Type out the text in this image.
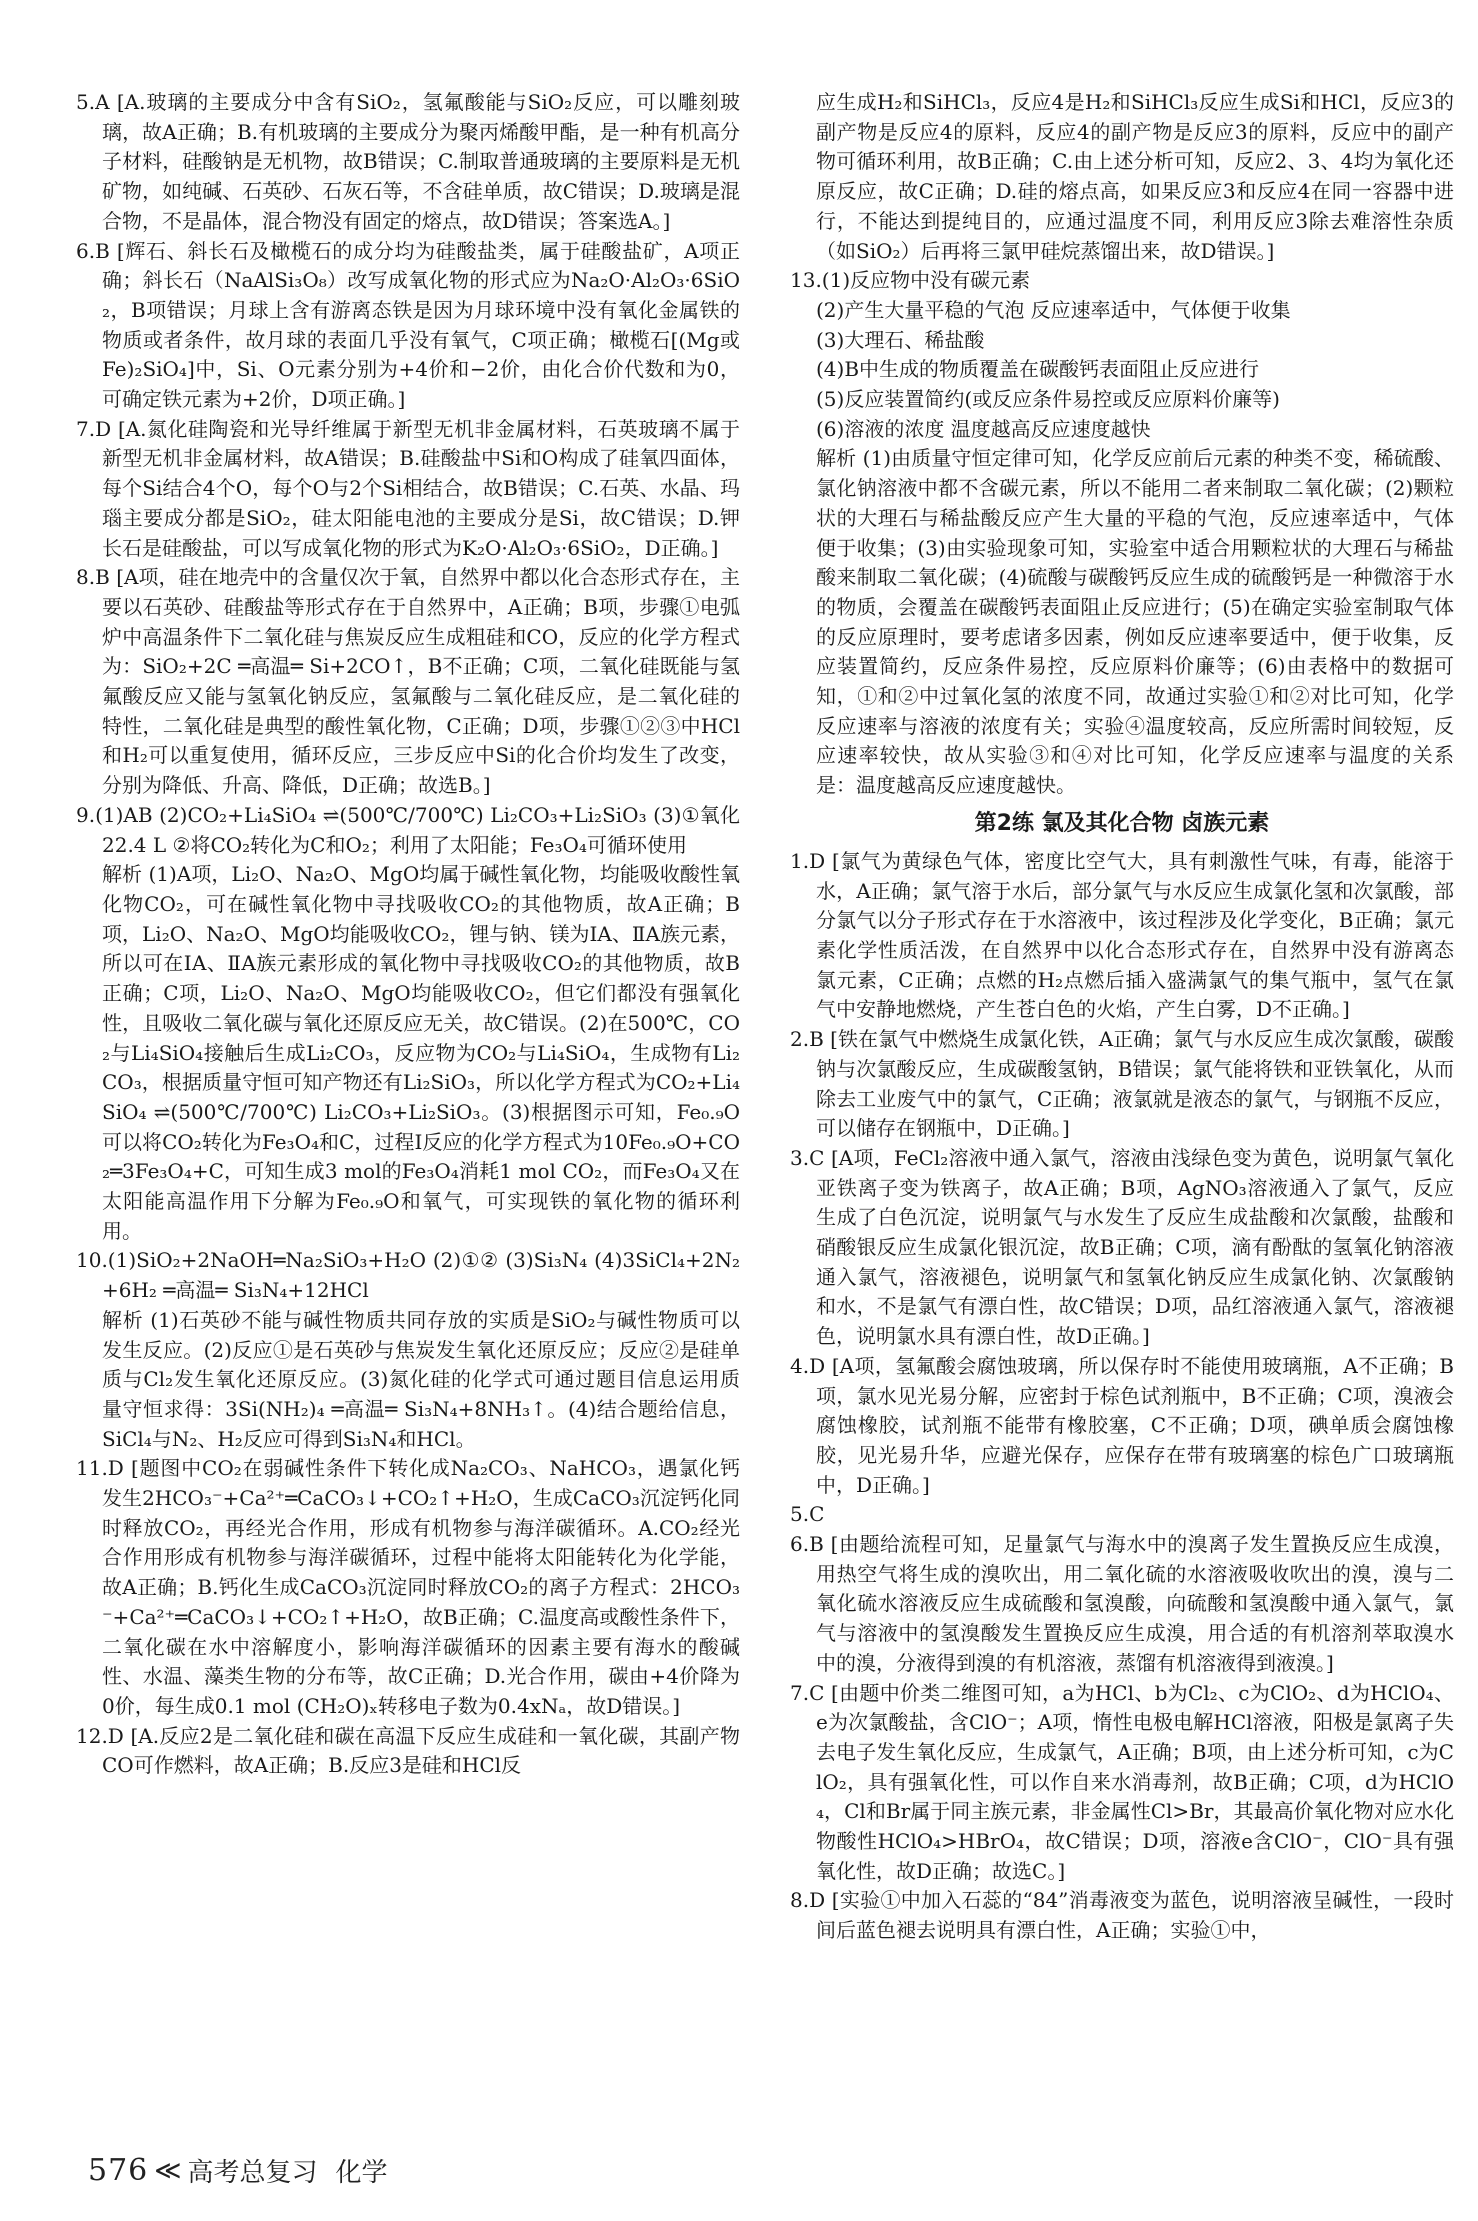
5.A [A.玻璃的主要成分中含有SiO₂，氢氟酸能与SiO₂反应，可以雕刻玻璃，故A正确；B.有机玻璃的主要成分为聚丙烯酸甲酯，是一种有机高分子材料，硅酸钠是无机物，故B错误；C.制取普通玻璃的主要原料是无机矿物，如纯碱、石英砂、石灰石等，不含硅单质，故C错误；D.玻璃是混合物，不是晶体，混合物没有固定的熔点，故D错误；答案选A。]

6.B [辉石、斜长石及橄榄石的成分均为硅酸盐类，属于硅酸盐矿，A项正确；斜长石（NaAlSi₃O₈）改写成氧化物的形式应为Na₂O·Al₂O₃·6SiO₂，B项错误；月球上含有游离态铁是因为月球环境中没有氧化金属铁的物质或者条件，故月球的表面几乎没有氧气，C项正确；橄榄石[(Mg或Fe)₂SiO₄]中，Si、O元素分别为+4价和−2价，由化合价代数和为0，可确定铁元素为+2价，D项正确。]

7.D [A.氮化硅陶瓷和光导纤维属于新型无机非金属材料，石英玻璃不属于新型无机非金属材料，故A错误；B.硅酸盐中Si和O构成了硅氧四面体，每个Si结合4个O，每个O与2个Si相结合，故B错误；C.石英、水晶、玛瑙主要成分都是SiO₂，硅太阳能电池的主要成分是Si，故C错误；D.钾长石是硅酸盐，可以写成氧化物的形式为K₂O·Al₂O₃·6SiO₂，D正确。]

8.B [A项，硅在地壳中的含量仅次于氧，自然界中都以化合态形式存在，主要以石英砂、硅酸盐等形式存在于自然界中，A正确；B项，步骤①电弧炉中高温条件下二氧化硅与焦炭反应生成粗硅和CO，反应的化学方程式为：SiO₂+2C ═高温═ Si+2CO↑，B不正确；C项，二氧化硅既能与氢氟酸反应又能与氢氧化钠反应，氢氟酸与二氧化硅反应，是二氧化硅的特性，二氧化硅是典型的酸性氧化物，C正确；D项，步骤①②③中HCl和H₂可以重复使用，循环反应，三步反应中Si的化合价均发生了改变，分别为降低、升高、降低，D正确；故选B。]

9.(1)AB (2)CO₂+Li₄SiO₄ ⇌(500℃/700℃) Li₂CO₃+Li₂SiO₃ (3)①氧化 22.4 L ②将CO₂转化为C和O₂；利用了太阳能；Fe₃O₄可循环使用

解析 (1)A项，Li₂O、Na₂O、MgO均属于碱性氧化物，均能吸收酸性氧化物CO₂，可在碱性氧化物中寻找吸收CO₂的其他物质，故A正确；B项，Li₂O、Na₂O、MgO均能吸收CO₂，锂与钠、镁为ⅠA、ⅡA族元素，所以可在ⅠA、ⅡA族元素形成的氧化物中寻找吸收CO₂的其他物质，故B正确；C项，Li₂O、Na₂O、MgO均能吸收CO₂，但它们都没有强氧化性，且吸收二氧化碳与氧化还原反应无关，故C错误。(2)在500℃，CO₂与Li₄SiO₄接触后生成Li₂CO₃，反应物为CO₂与Li₄SiO₄，生成物有Li₂CO₃，根据质量守恒可知产物还有Li₂SiO₃，所以化学方程式为CO₂+Li₄SiO₄ ⇌(500℃/700℃) Li₂CO₃+Li₂SiO₃。(3)根据图示可知，Fe₀.₉O可以将CO₂转化为Fe₃O₄和C，过程Ⅰ反应的化学方程式为10Fe₀.₉O+CO₂═3Fe₃O₄+C，可知生成3 mol的Fe₃O₄消耗1 mol CO₂，而Fe₃O₄又在太阳能高温作用下分解为Fe₀.₉O和氧气，可实现铁的氧化物的循环利用。

10.(1)SiO₂+2NaOH═Na₂SiO₃+H₂O (2)①② (3)Si₃N₄ (4)3SiCl₄+2N₂+6H₂ ═高温═ Si₃N₄+12HCl

解析 (1)石英砂不能与碱性物质共同存放的实质是SiO₂与碱性物质可以发生反应。(2)反应①是石英砂与焦炭发生氧化还原反应；反应②是硅单质与Cl₂发生氧化还原反应。(3)氮化硅的化学式可通过题目信息运用质量守恒求得：3Si(NH₂)₄ ═高温═ Si₃N₄+8NH₃↑。(4)结合题给信息，SiCl₄与N₂、H₂反应可得到Si₃N₄和HCl。

11.D [题图中CO₂在弱碱性条件下转化成Na₂CO₃、NaHCO₃，遇氯化钙发生2HCO₃⁻+Ca²⁺═CaCO₃↓+CO₂↑+H₂O，生成CaCO₃沉淀钙化同时释放CO₂，再经光合作用，形成有机物参与海洋碳循环。A.CO₂经光合作用形成有机物参与海洋碳循环，过程中能将太阳能转化为化学能，故A正确；B.钙化生成CaCO₃沉淀同时释放CO₂的离子方程式：2HCO₃⁻+Ca²⁺═CaCO₃↓+CO₂↑+H₂O，故B正确；C.温度高或酸性条件下，二氧化碳在水中溶解度小，影响海洋碳循环的因素主要有海水的酸碱性、水温、藻类生物的分布等，故C正确；D.光合作用，碳由+4价降为0价，每生成0.1 mol (CH₂O)ₓ转移电子数为0.4xNₐ，故D错误。]

12.D [A.反应2是二氧化硅和碳在高温下反应生成硅和一氧化碳，其副产物CO可作燃料，故A正确；B.反应3是硅和HCl反

应生成H₂和SiHCl₃，反应4是H₂和SiHCl₃反应生成Si和HCl，反应3的副产物是反应4的原料，反应4的副产物是反应3的原料，反应中的副产物可循环利用，故B正确；C.由上述分析可知，反应2、3、4均为氧化还原反应，故C正确；D.硅的熔点高，如果反应3和反应4在同一容器中进行，不能达到提纯目的，应通过温度不同，利用反应3除去难溶性杂质（如SiO₂）后再将三氯甲硅烷蒸馏出来，故D错误。]

13.(1)反应物中没有碳元素

(2)产生大量平稳的气泡 反应速率适中，气体便于收集

(3)大理石、稀盐酸

(4)B中生成的物质覆盖在碳酸钙表面阻止反应进行

(5)反应装置简约(或反应条件易控或反应原料价廉等)

(6)溶液的浓度 温度越高反应速度越快

解析 (1)由质量守恒定律可知，化学反应前后元素的种类不变，稀硫酸、氯化钠溶液中都不含碳元素，所以不能用二者来制取二氧化碳；(2)颗粒状的大理石与稀盐酸反应产生大量的平稳的气泡，反应速率适中，气体便于收集；(3)由实验现象可知，实验室中适合用颗粒状的大理石与稀盐酸来制取二氧化碳；(4)硫酸与碳酸钙反应生成的硫酸钙是一种微溶于水的物质，会覆盖在碳酸钙表面阻止反应进行；(5)在确定实验室制取气体的反应原理时，要考虑诸多因素，例如反应速率要适中，便于收集，反应装置简约，反应条件易控，反应原料价廉等；(6)由表格中的数据可知，①和②中过氧化氢的浓度不同，故通过实验①和②对比可知，化学反应速率与溶液的浓度有关；实验④温度较高，反应所需时间较短，反应速率较快，故从实验③和④对比可知，化学反应速率与温度的关系是：温度越高反应速度越快。

第2练 氯及其化合物 卤族元素

1.D [氯气为黄绿色气体，密度比空气大，具有刺激性气味，有毒，能溶于水，A正确；氯气溶于水后，部分氯气与水反应生成氯化氢和次氯酸，部分氯气以分子形式存在于水溶液中，该过程涉及化学变化，B正确；氯元素化学性质活泼，在自然界中以化合态形式存在，自然界中没有游离态氯元素，C正确；点燃的H₂点燃后插入盛满氯气的集气瓶中，氢气在氯气中安静地燃烧，产生苍白色的火焰，产生白雾，D不正确。]

2.B [铁在氯气中燃烧生成氯化铁，A正确；氯气与水反应生成次氯酸，碳酸钠与次氯酸反应，生成碳酸氢钠，B错误；氯气能将铁和亚铁氧化，从而除去工业废气中的氯气，C正确；液氯就是液态的氯气，与钢瓶不反应，可以储存在钢瓶中，D正确。]

3.C [A项，FeCl₂溶液中通入氯气，溶液由浅绿色变为黄色，说明氯气氧化亚铁离子变为铁离子，故A正确；B项，AgNO₃溶液通入了氯气，反应生成了白色沉淀，说明氯气与水发生了反应生成盐酸和次氯酸，盐酸和硝酸银反应生成氯化银沉淀，故B正确；C项，滴有酚酞的氢氧化钠溶液通入氯气，溶液褪色，说明氯气和氢氧化钠反应生成氯化钠、次氯酸钠和水，不是氯气有漂白性，故C错误；D项，品红溶液通入氯气，溶液褪色，说明氯水具有漂白性，故D正确。]

4.D [A项，氢氟酸会腐蚀玻璃，所以保存时不能使用玻璃瓶，A不正确；B项，氯水见光易分解，应密封于棕色试剂瓶中，B不正确；C项，溴液会腐蚀橡胶，试剂瓶不能带有橡胶塞，C不正确；D项，碘单质会腐蚀橡胶，见光易升华，应避光保存，应保存在带有玻璃塞的棕色广口玻璃瓶中，D正确。]

5.C

6.B [由题给流程可知，足量氯气与海水中的溴离子发生置换反应生成溴，用热空气将生成的溴吹出，用二氧化硫的水溶液吸收吹出的溴，溴与二氧化硫水溶液反应生成硫酸和氢溴酸，向硫酸和氢溴酸中通入氯气，氯气与溶液中的氢溴酸发生置换反应生成溴，用合适的有机溶剂萃取溴水中的溴，分液得到溴的有机溶液，蒸馏有机溶液得到液溴。]

7.C [由题中价类二维图可知，a为HCl、b为Cl₂、c为ClO₂、d为HClO₄、e为次氯酸盐，含ClO⁻；A项，惰性电极电解HCl溶液，阳极是氯离子失去电子发生氧化反应，生成氯气，A正确；B项，由上述分析可知，c为ClO₂，具有强氧化性，可以作自来水消毒剂，故B正确；C项，d为HClO₄，Cl和Br属于同主族元素，非金属性Cl>Br，其最高价氧化物对应水化物酸性HClO₄>HBrO₄，故C错误；D项，溶液e含ClO⁻，ClO⁻具有强氧化性，故D正确；故选C。]

8.D [实验①中加入石蕊的“84”消毒液变为蓝色，说明溶液呈碱性，一段时间后蓝色褪去说明具有漂白性，A正确；实验①中，

576 ≪ 高考总复习 化学
